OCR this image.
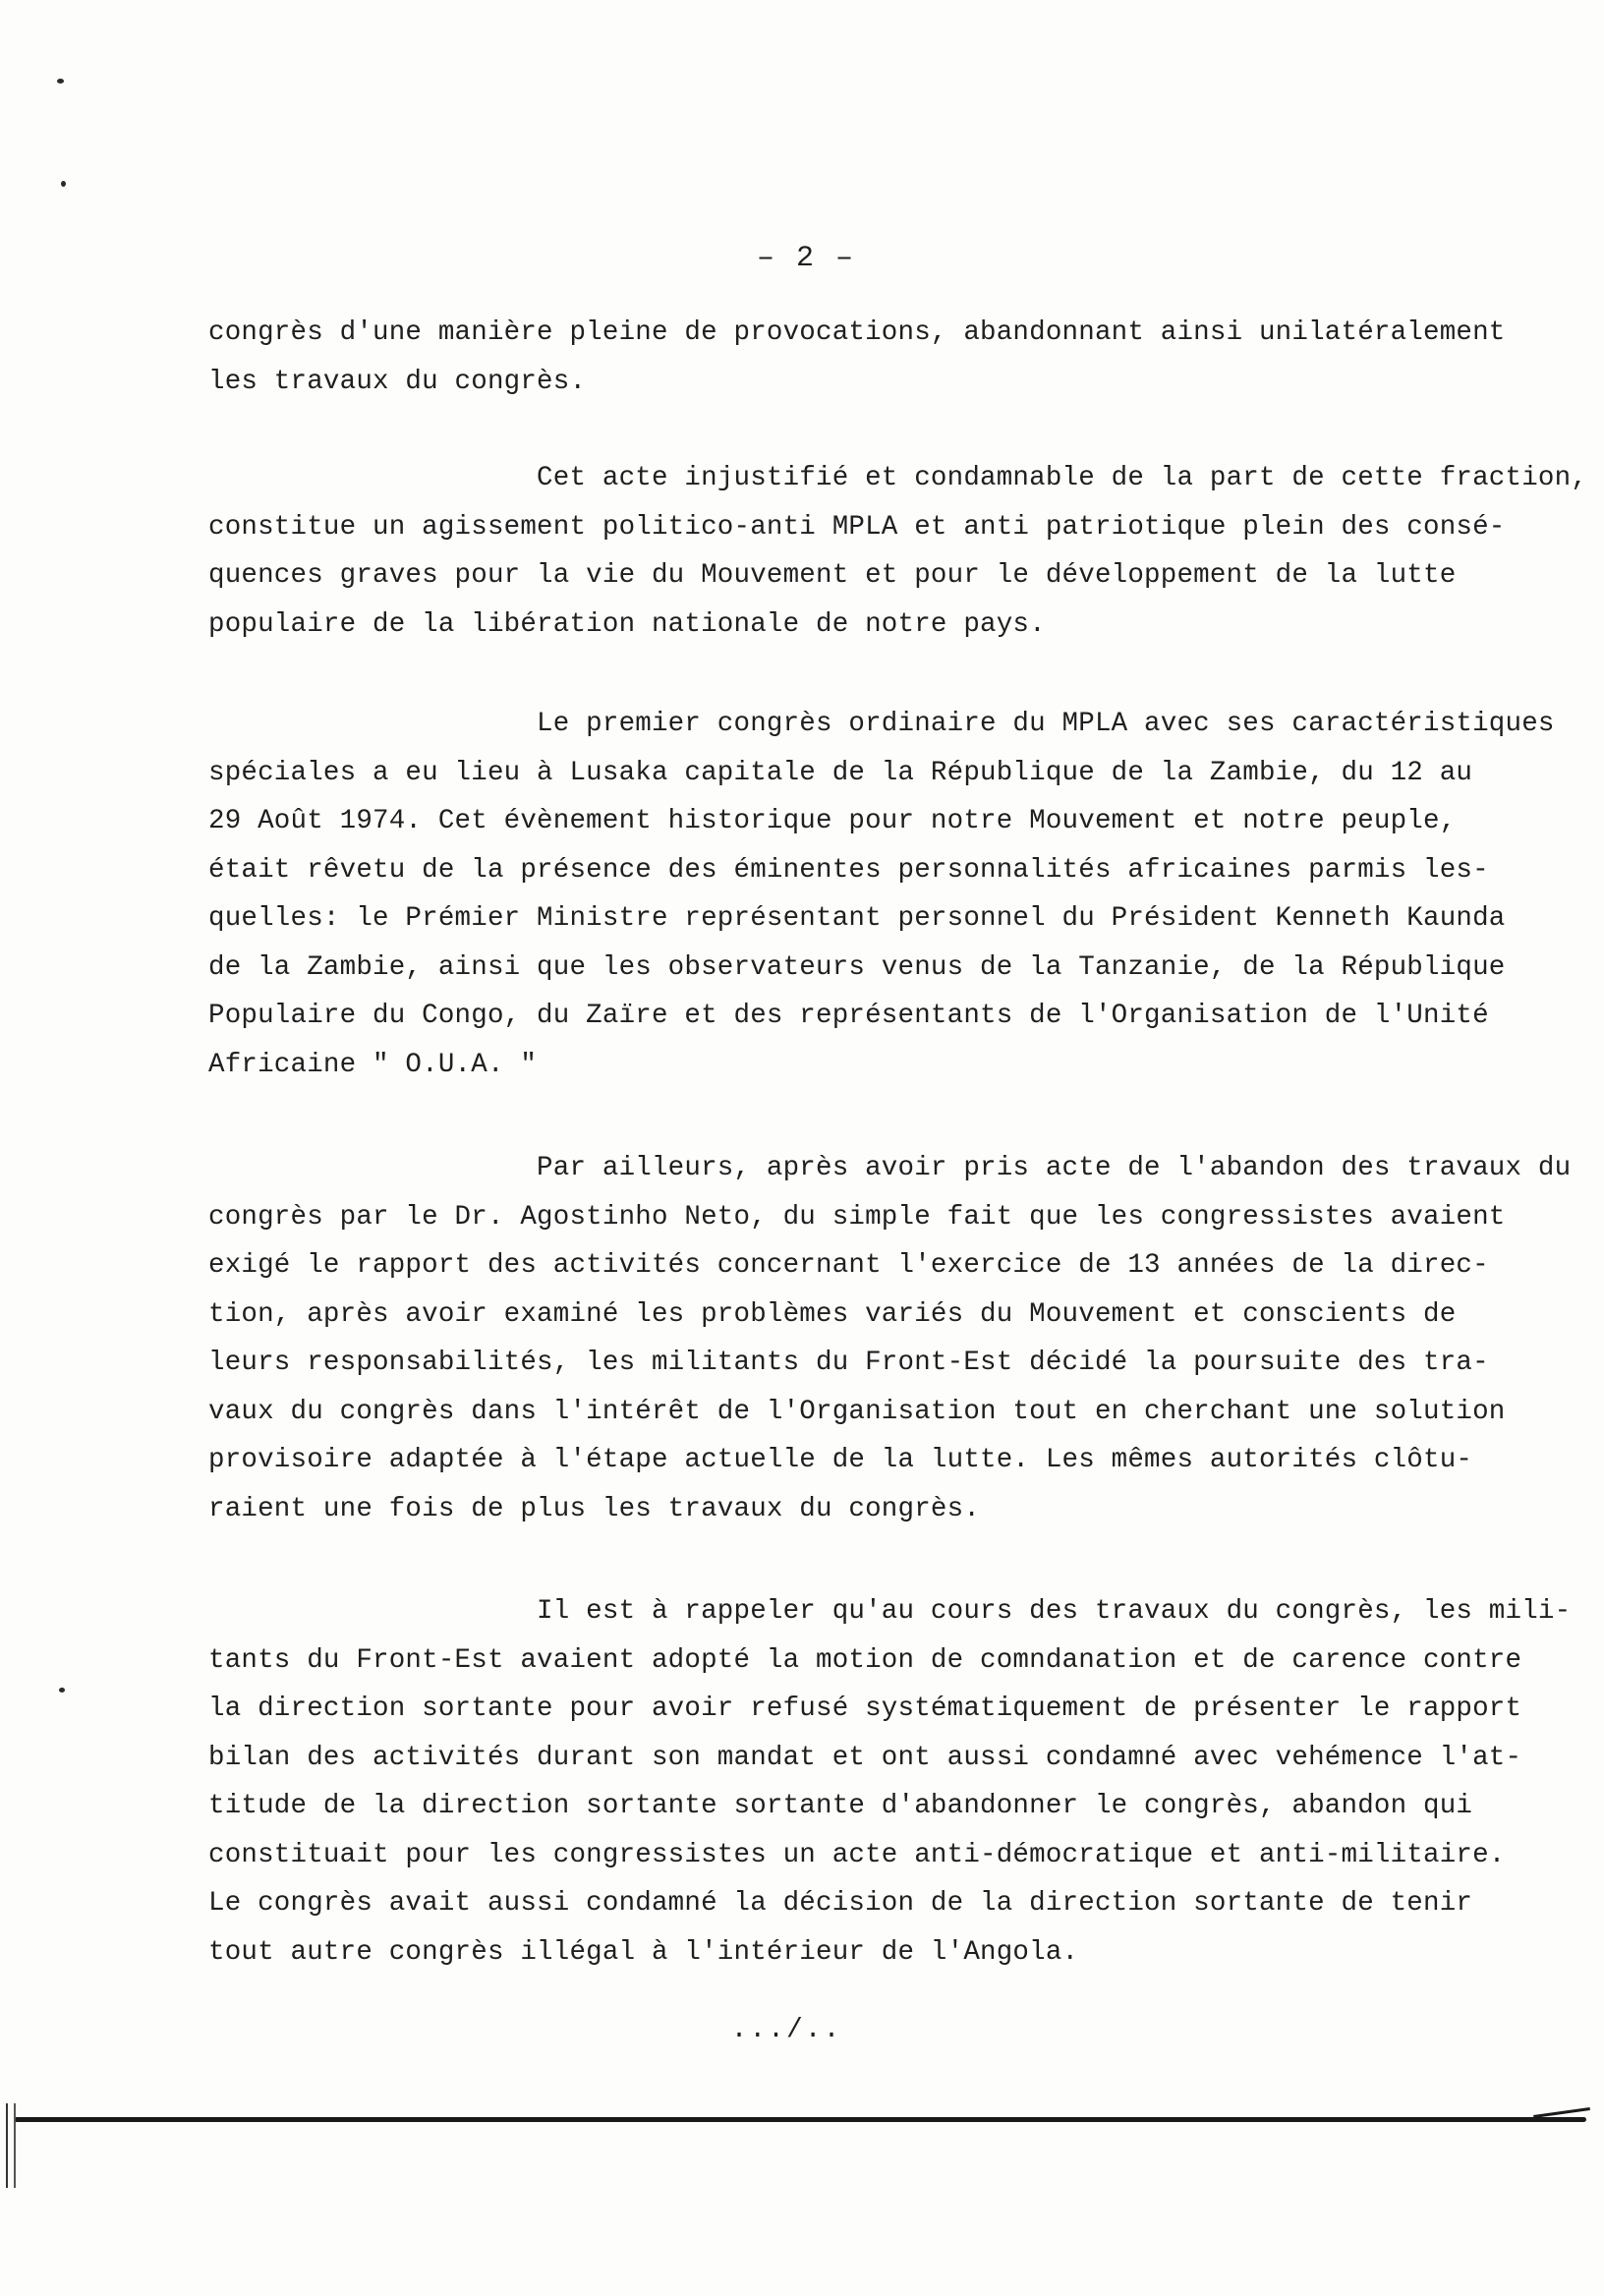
– 2 –
congrès d'une manière pleine de provocations, abandonnant ainsi unilatéralement
les travaux du congrès.
Cet acte injustifié et condamnable de la part de cette fraction,
constitue un agissement politico-anti MPLA et anti patriotique plein des consé-
quences graves pour la vie du Mouvement et pour le développement de la lutte
populaire de la libération nationale de notre pays.
Le premier congrès ordinaire du MPLA avec ses caractéristiques
spéciales a eu lieu à Lusaka capitale de la République de la Zambie, du 12 au
29 Août 1974. Cet évènement historique pour notre Mouvement et notre peuple,
était rêvetu de la présence des éminentes personnalités africaines parmis les-
quelles: le Prémier Ministre représentant personnel du Président Kenneth Kaunda
de la Zambie, ainsi que les observateurs venus de la Tanzanie, de la République
Populaire du Congo, du Zaïre et des représentants de l'Organisation de l'Unité
Africaine " O.U.A. "
Par ailleurs, après avoir pris acte de l'abandon des travaux du
congrès par le Dr. Agostinho Neto, du simple fait que les congressistes avaient
exigé le rapport des activités concernant l'exercice de 13 années de la direc-
tion, après avoir examiné les problèmes variés du Mouvement et conscients de
leurs responsabilités, les militants du Front-Est décidé la poursuite des tra-
vaux du congrès dans l'intérêt de l'Organisation tout en cherchant une solution
provisoire adaptée à l'étape actuelle de la lutte. Les mêmes autorités clôtu-
raient une fois de plus les travaux du congrès.
Il est à rappeler qu'au cours des travaux du congrès, les mili-
tants du Front-Est avaient adopté la motion de comndanation et de carence contre
la direction sortante pour avoir refusé systématiquement de présenter le rapport
bilan des activités durant son mandat et ont aussi condamné avec vehémence l'at-
titude de la direction sortante sortante d'abandonner le congrès, abandon qui
constituait pour les congressistes un acte anti-démocratique et anti-militaire.
Le congrès avait aussi condamné la décision de la direction sortante de tenir
tout autre congrès illégal à l'intérieur de l'Angola.
.../..
